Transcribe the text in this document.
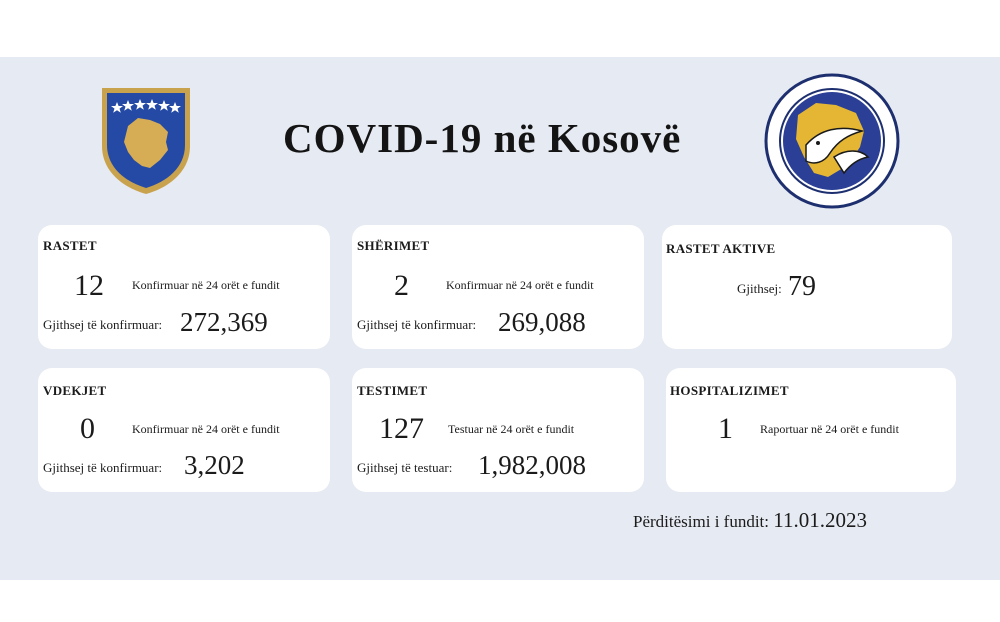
COVID-19 në Kosovë
RASTET
12 Konfirmuar në 24 orët e fundit
Gjithsej të konfirmuar: 272,369
SHËRIMET
2	Konfirmuar në 24 orët e fundit
Gjithsej të konfirmuar: 269,088
RASTET AKTIVE
Gjithsej: 79
VDEKJET
0	Konfirmuar në 24 orët e fundit
Gjithsej të konfirmuar: 3,202
TESTIMET
127 Testuar në 24 orët e fundit
Gjithsej të testuar: 1,982,008
HOSPITALIZIMET
1 Raportuar në 24 orët e fundit
Përditësimi i fundit: 11.01.2023
